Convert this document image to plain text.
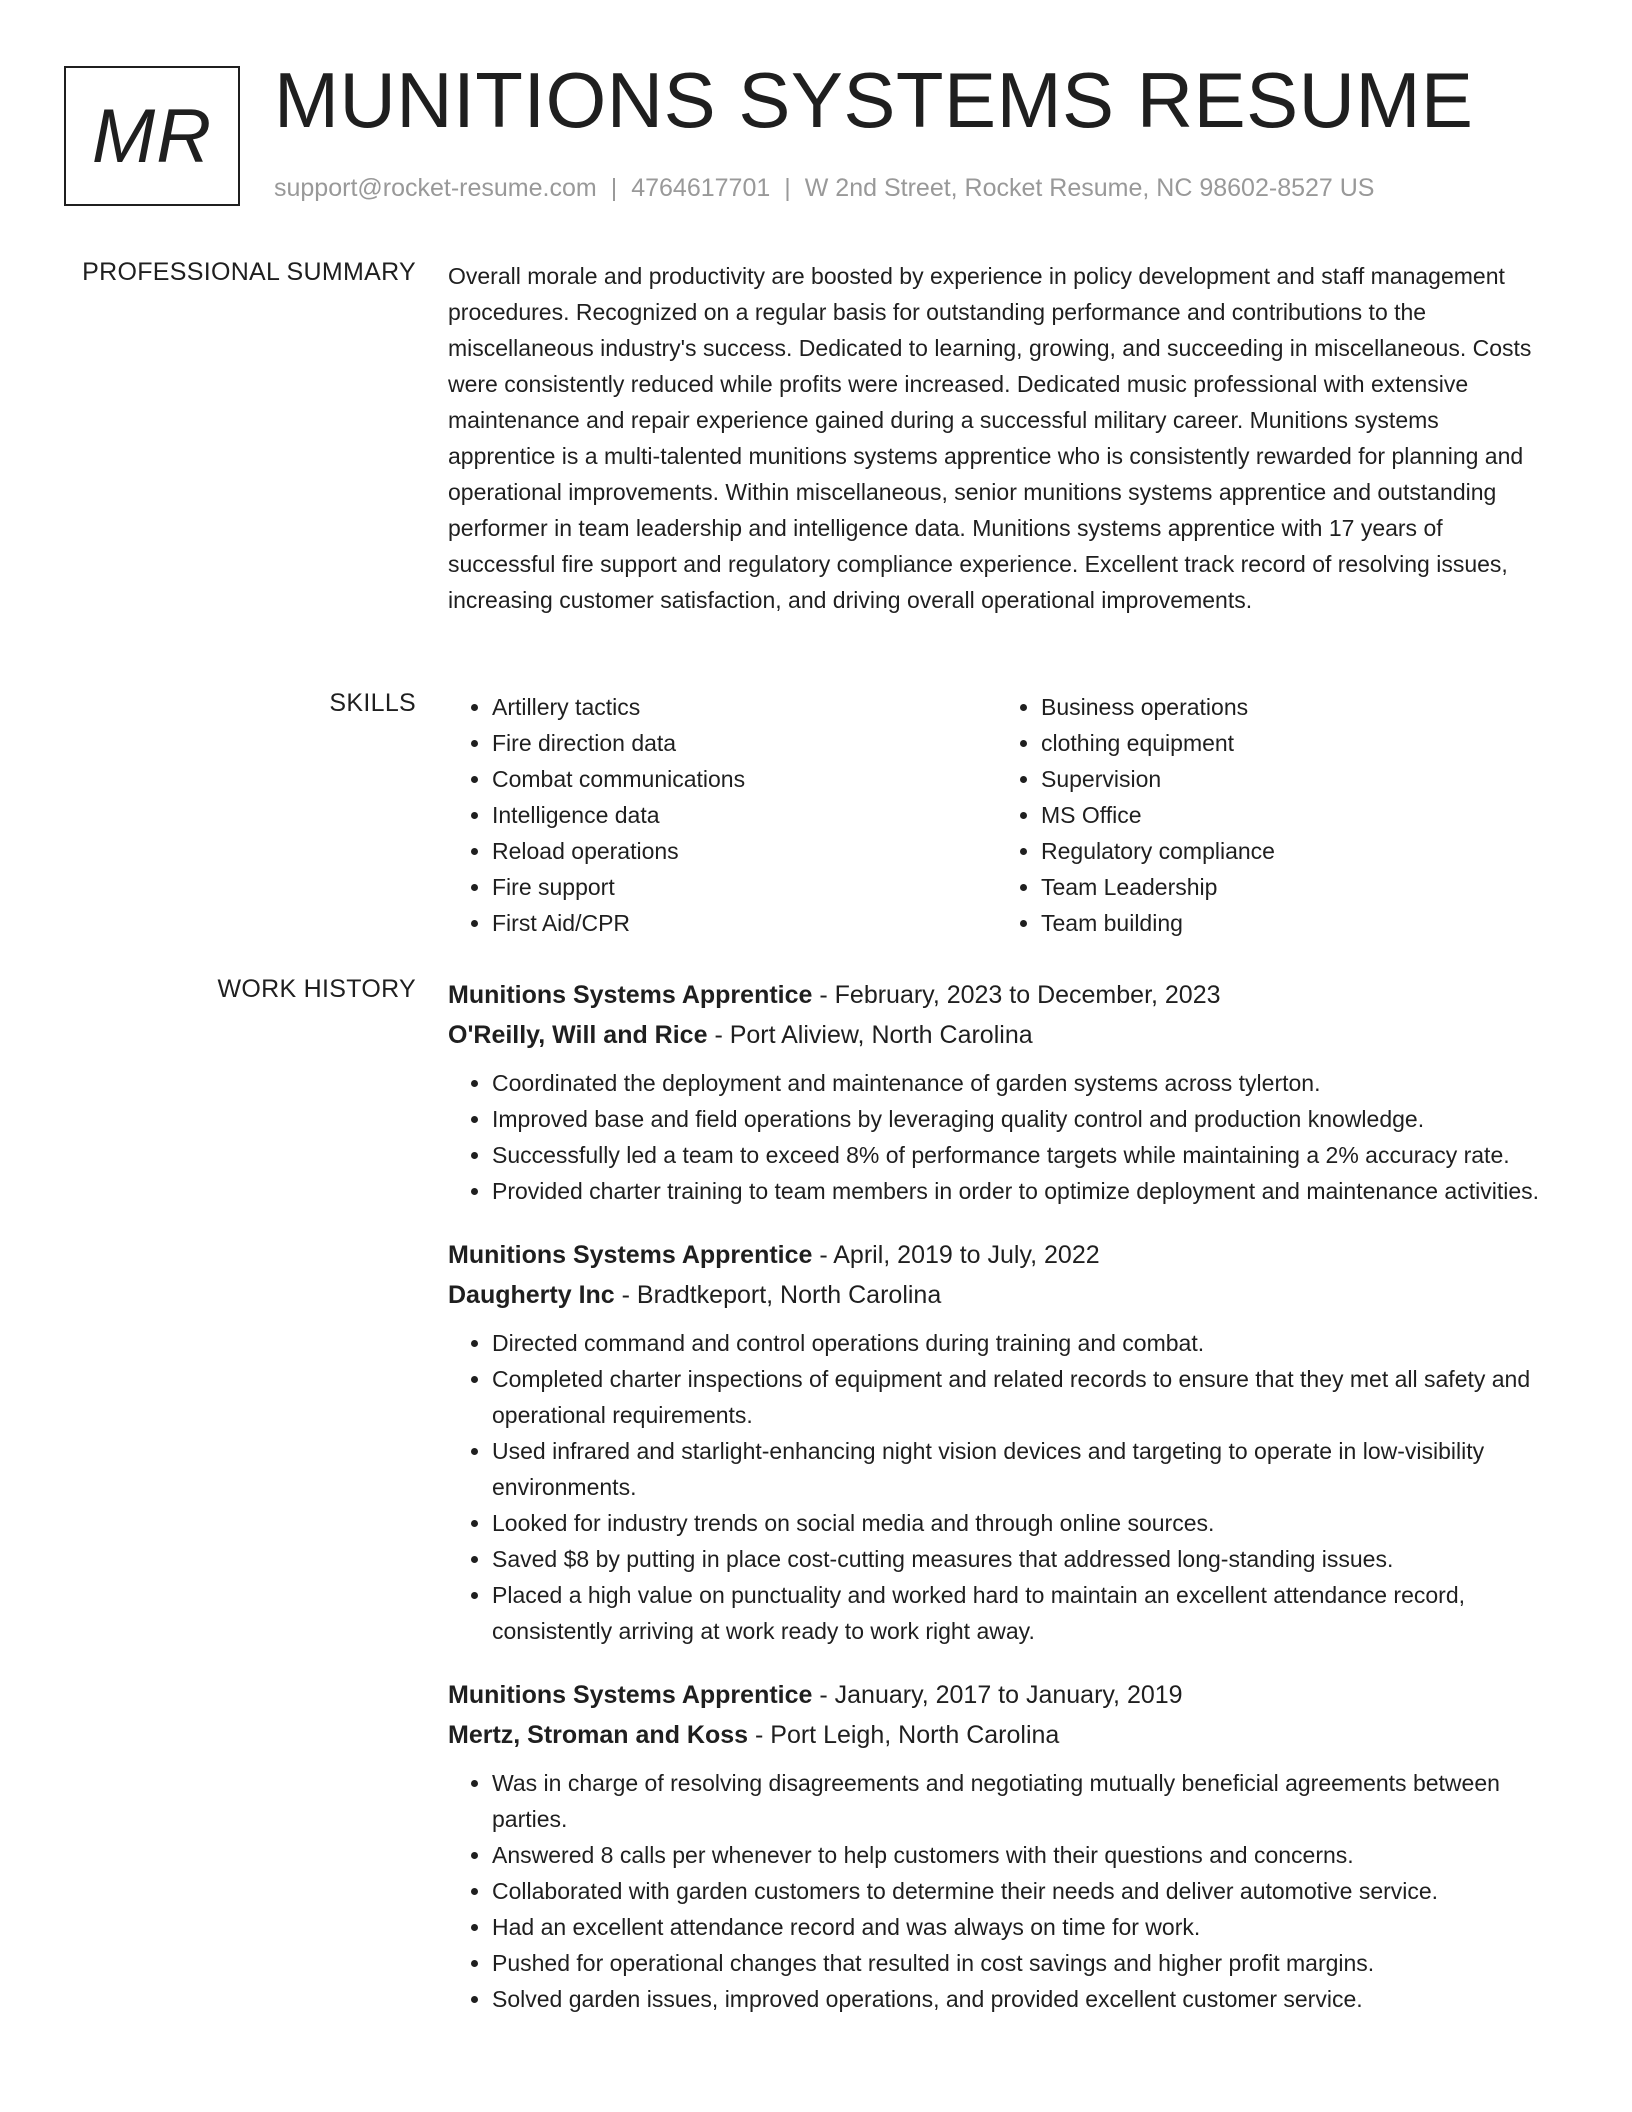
MR MUNITIONS SYSTEMS RESUME
support@rocket-resume.com | 4764617701 | W 2nd Street, Rocket Resume, NC 98602-8527 US
PROFESSIONAL SUMMARY Overall morale and productivity are boosted by experience in policy development and staff management procedures. Recognized on a regular basis for outstanding performance and contributions to the miscellaneous industry's success. Dedicated to learning, growing, and succeeding in miscellaneous. Costs were consistently reduced while profits were increased. Dedicated music professional with extensive maintenance and repair experience gained during a successful military career. Munitions systems apprentice is a multi-talented munitions systems apprentice who is consistently rewarded for planning and operational improvements. Within miscellaneous, senior munitions systems apprentice and outstanding performer in team leadership and intelligence data. Munitions systems apprentice with 17 years of successful fire support and regulatory compliance experience. Excellent track record of resolving issues, increasing customer satisfaction, and driving overall operational improvements.

SKILLS
•	Artillery tactics
• Fire direction data
• Combat communications
• Intelligence data
• Reload operations
• Fire support
• First Aid/CPR
• Business operations
• clothing equipment
• Supervision
• MS Office
• Regulatory compliance
• Team Leadership
• Team building
WORK HISTORY Munitions Systems Apprentice - February, 2023 to December, 2023
O'Reilly, Will and Rice - Port Aliview, North Carolina
• Coordinated the deployment and maintenance of garden systems across tylerton.
• Improved base and field operations by leveraging quality control and production knowledge.
• Successfully led a team to exceed 8% of performance targets while maintaining a 2% accuracy rate.
• Provided charter training to team members in order to optimize deployment and maintenance activities.
Munitions Systems Apprentice - April, 2019 to July, 2022
Daugherty Inc - Bradtkeport, North Carolina
• Directed command and control operations during training and combat.
• Completed charter inspections of equipment and related records to ensure that they met all safety and operational requirements.
• Used infrared and starlight-enhancing night vision devices and targeting to operate in low-visibility environments.
• Looked for industry trends on social media and through online sources.
• Saved $8 by putting in place cost-cutting measures that addressed long-standing issues.
• Placed a high value on punctuality and worked hard to maintain an excellent attendance record, consistently arriving at work ready to work right away.
Munitions Systems Apprentice - January, 2017 to January, 2019
Mertz, Stroman and Koss - Port Leigh, North Carolina
• Was in charge of resolving disagreements and negotiating mutually beneficial agreements between parties.
• Answered 8 calls per whenever to help customers with their questions and concerns.
• Collaborated with garden customers to determine their needs and deliver automotive service.
• Had an excellent attendance record and was always on time for work.
• Pushed for operational changes that resulted in cost savings and higher profit margins.
• Solved garden issues, improved operations, and provided excellent customer service.
